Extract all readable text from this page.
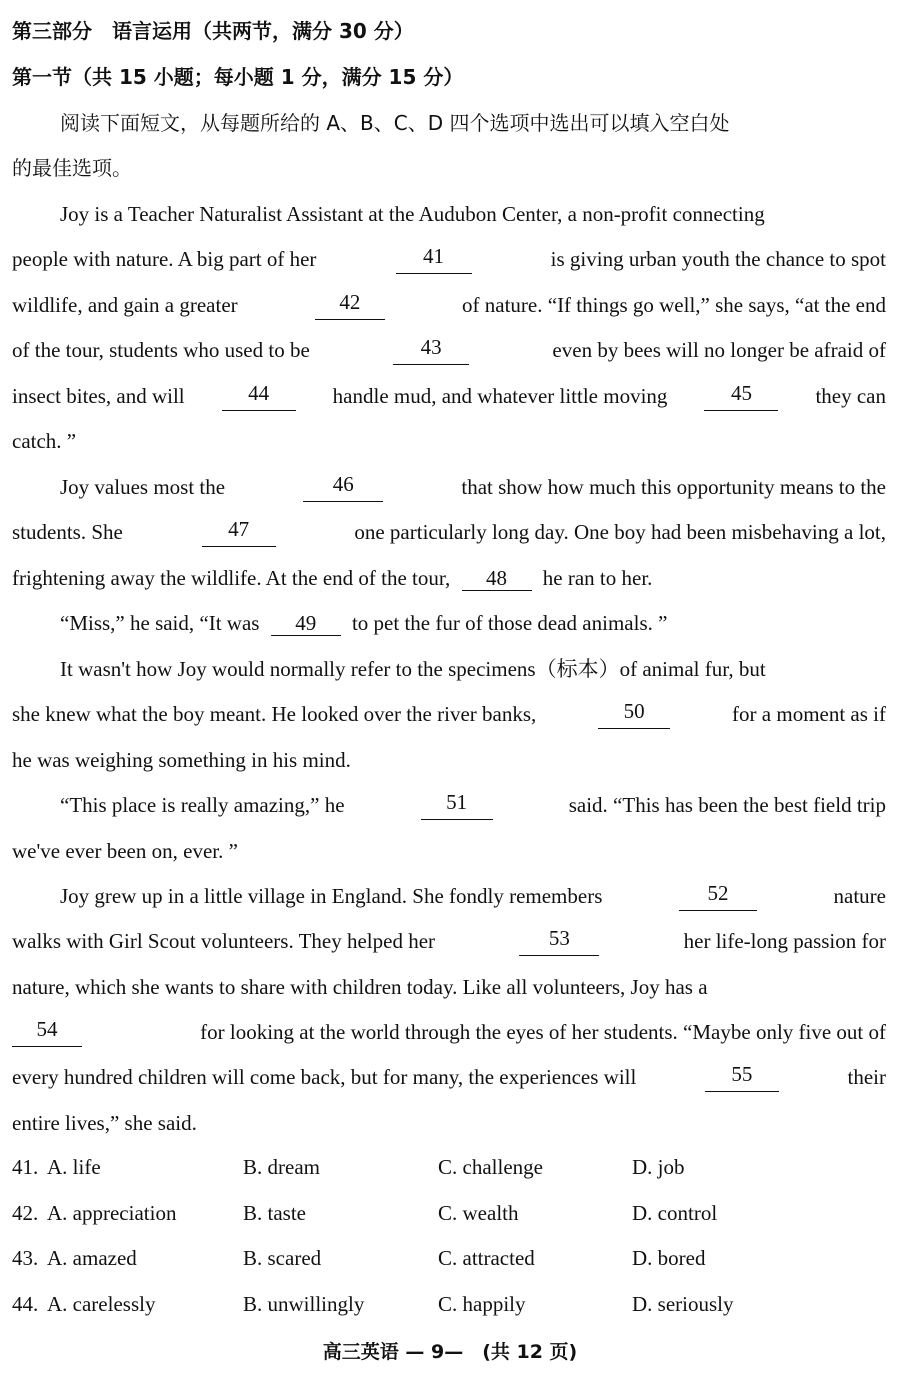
第三部分　语言运用（共两节，满分 30 分）
第一节（共 15 小题；每小题 1 分，满分 15 分）
阅读下面短文，从每题所给的 A、B、C、D 四个选项中选出可以填入空白处
的最佳选项。
Joy is a Teacher Naturalist Assistant at the Audubon Center, a non-profit connecting
people with nature. A big part of her	41	is giving urban youth the chance to spot
wildlife, and gain a greater	42	of nature. “If things go well,” she says, “at the end
of the tour, students who used to be	43	even by bees will no longer be afraid of
insect bites, and will	44	handle mud, and whatever little moving	45	they can
catch. ”
Joy values most the	46	that show how much this opportunity means to the
students. She	47	one particularly long day. One boy had been misbehaving a lot,
frightening away the wildlife. At the end of the tour, 48 he ran to her.
“Miss,” he said, “It was 49 to pet the fur of those dead animals. ”
It wasn't how Joy would normally refer to the specimens（标本）of animal fur, but
she knew what the boy meant. He looked over the river banks,	50	for a moment as if
he was weighing something in his mind.
“This place is really amazing,” he	51	said. “This has been the best field trip
we've ever been on, ever. ”
Joy grew up in a little village in England. She fondly remembers	52	nature
walks with Girl Scout volunteers. They helped her	53	her life-long passion for
nature, which she wants to share with children today. Like all volunteers, Joy has a
54	for looking at the world through the eyes of her students. “Maybe only five out of
every hundred children will come back, but for many, the experiences will	55	their
entire lives,” she said.
41. A. life	B. dream	C. challenge	D. job
42. A. appreciation	B. taste	C. wealth	D. control
43. A. amazed	B. scared	C. attracted	D. bored
44. A. carelessly	B. unwillingly	C. happily	D. seriously
高三英语 — 9—　(共 12 页)
